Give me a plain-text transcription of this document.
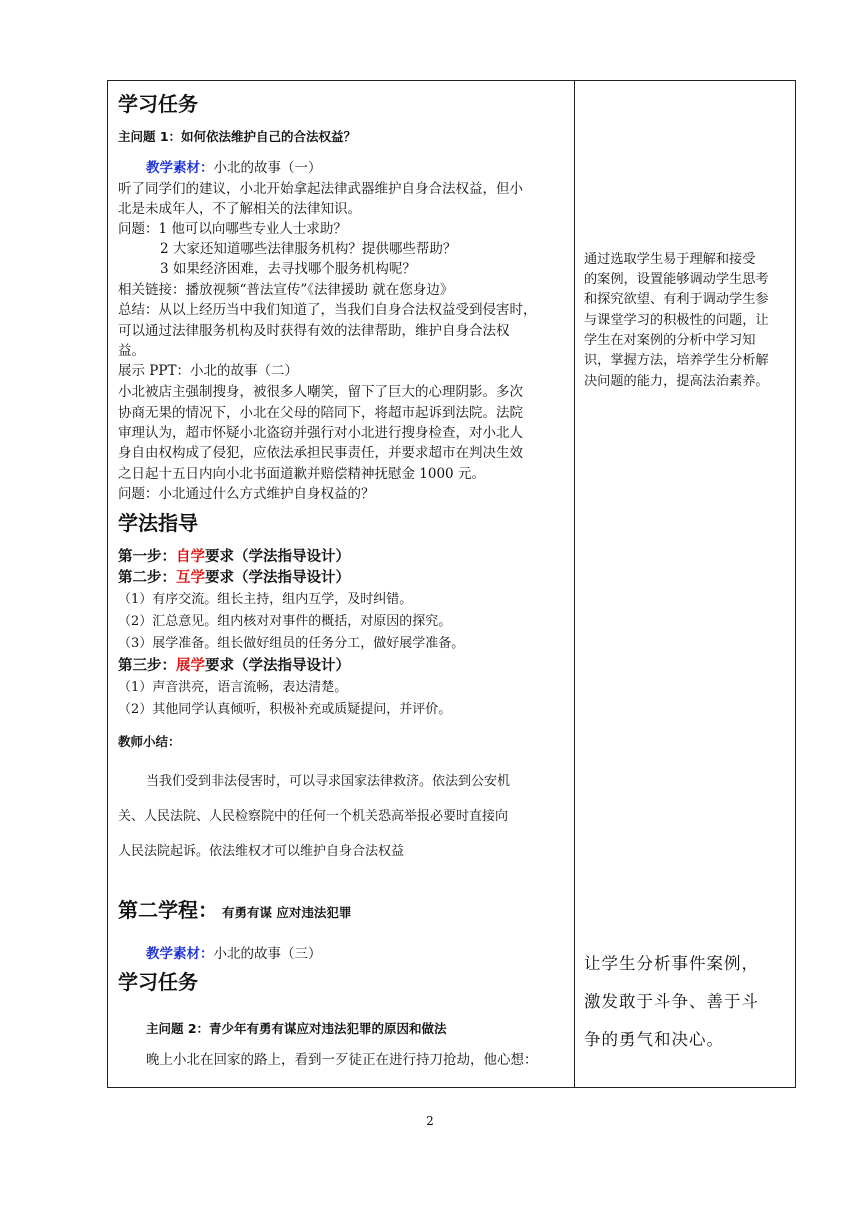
学习任务
主问题 1：如何依法维护自己的合法权益？
教学素材：小北的故事（一）
听了同学们的建议，小北开始拿起法律武器维护自身合法权益，但小
北是未成年人，不了解相关的法律知识。
问题：1 他可以向哪些专业人士求助？
2 大家还知道哪些法律服务机构？提供哪些帮助？
3 如果经济困难，去寻找哪个服务机构呢？
相关链接：播放视频“普法宣传”《法律援助 就在您身边》
总结：从以上经历当中我们知道了，当我们自身合法权益受到侵害时，
可以通过法律服务机构及时获得有效的法律帮助，维护自身合法权
益。
展示 PPT：小北的故事（二）
小北被店主强制搜身，被很多人嘲笑，留下了巨大的心理阴影。多次
协商无果的情况下，小北在父母的陪同下，将超市起诉到法院。法院
审理认为，超市怀疑小北盗窃并强行对小北进行搜身检查，对小北人
身自由权构成了侵犯，应依法承担民事责任，并要求超市在判决生效
之日起十五日内向小北书面道歉并赔偿精神抚慰金 1000 元。
问题：小北通过什么方式维护自身权益的？
学法指导
第一步：自学要求（学法指导设计）
第二步：互学要求（学法指导设计）
（1）有序交流。组长主持，组内互学，及时纠错。
（2）汇总意见。组内核对对事件的概括，对原因的探究。
（3）展学准备。组长做好组员的任务分工，做好展学准备。
第三步：展学要求（学法指导设计）
（1）声音洪亮，语言流畅，表达清楚。
（2）其他同学认真倾听，积极补充或质疑提问，并评价。
教师小结：
当我们受到非法侵害时，可以寻求国家法律救济。依法到公安机
关、人民法院、人民检察院中的任何一个机关恐高举报必要时直接向
人民法院起诉。依法维权才可以维护自身合法权益
第二学程： 有勇有谋 应对违法犯罪
教学素材：小北的故事（三）
学习任务
主问题 2：青少年有勇有谋应对违法犯罪的原因和做法
晚上小北在回家的路上，看到一歹徒正在进行持刀抢劫，他心想：
通过选取学生易于理解和接受
的案例，设置能够调动学生思考
和探究欲望、有利于调动学生参
与课堂学习的积极性的问题，让
学生在对案例的分析中学习知
识，掌握方法，培养学生分析解
决问题的能力，提高法治素养。
让学生分析事件案例，
激发敢于斗争、善于斗
争的勇气和决心。
2
